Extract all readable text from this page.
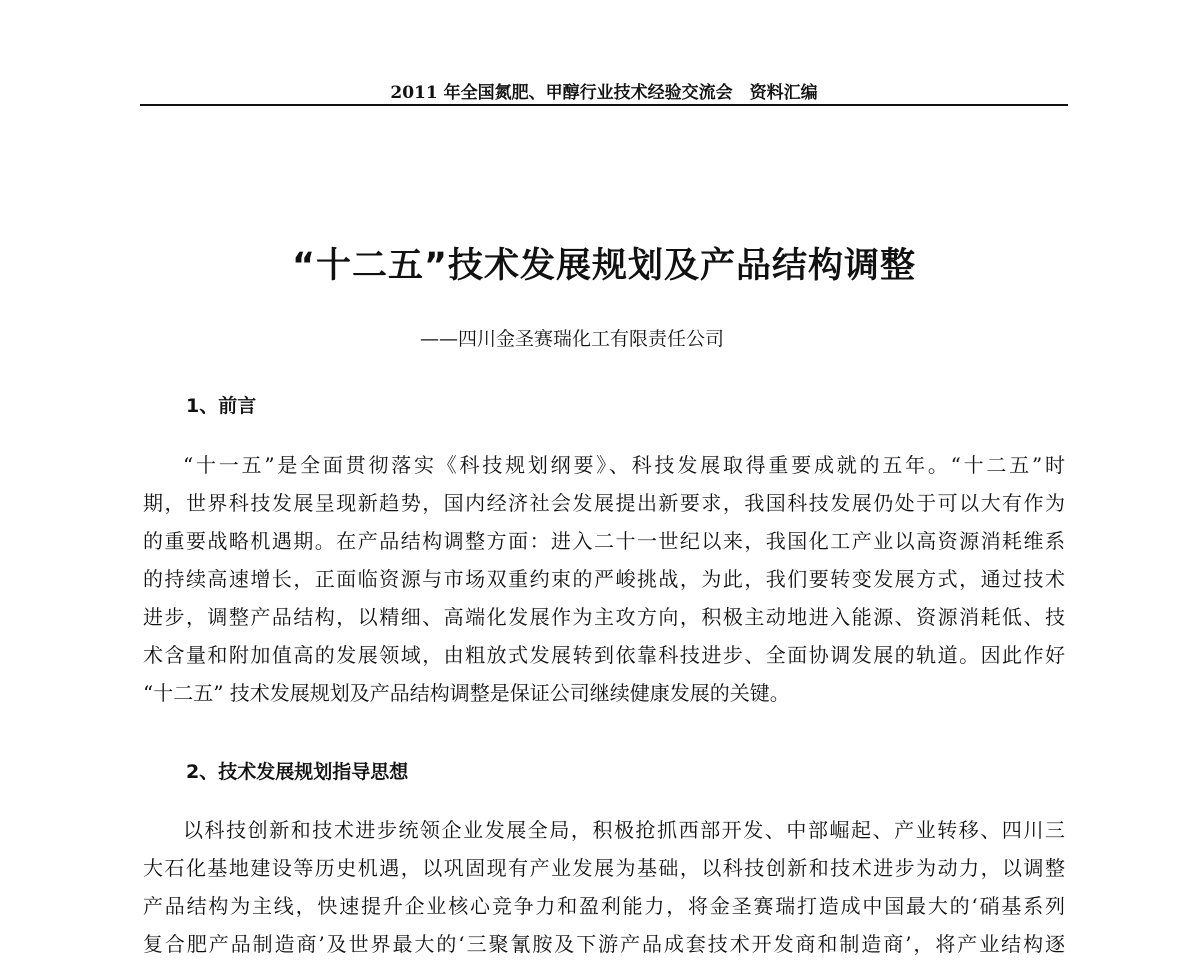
2011 年全国氮肥、甲醇行业技术经验交流会　资料汇编
“十二五”技术发展规划及产品结构调整
——四川金圣赛瑞化工有限责任公司
1、前言
“十一五”是全面贯彻落实《科技规划纲要》、科技发展取得重要成就的五年。“十二五”时
期，世界科技发展呈现新趋势，国内经济社会发展提出新要求，我国科技发展仍处于可以大有作为
的重要战略机遇期。在产品结构调整方面：进入二十一世纪以来，我国化工产业以高资源消耗维系
的持续高速增长，正面临资源与市场双重约束的严峻挑战，为此，我们要转变发展方式，通过技术
进步，调整产品结构，以精细、高端化发展作为主攻方向，积极主动地进入能源、资源消耗低、技
术含量和附加值高的发展领域，由粗放式发展转到依靠科技进步、全面协调发展的轨道。因此作好
“十二五” 技术发展规划及产品结构调整是保证公司继续健康发展的关键。
2、技术发展规划指导思想
以科技创新和技术进步统领企业发展全局，积极抢抓西部开发、中部崛起、产业转移、四川三
大石化基地建设等历史机遇，以巩固现有产业发展为基础，以科技创新和技术进步为动力，以调整
产品结构为主线，快速提升企业核心竞争力和盈利能力，将金圣赛瑞打造成中国最大的‘硝基系列
复合肥产品制造商’及世界最大的‘三聚氰胺及下游产品成套技术开发商和制造商’，将产业结构逐
